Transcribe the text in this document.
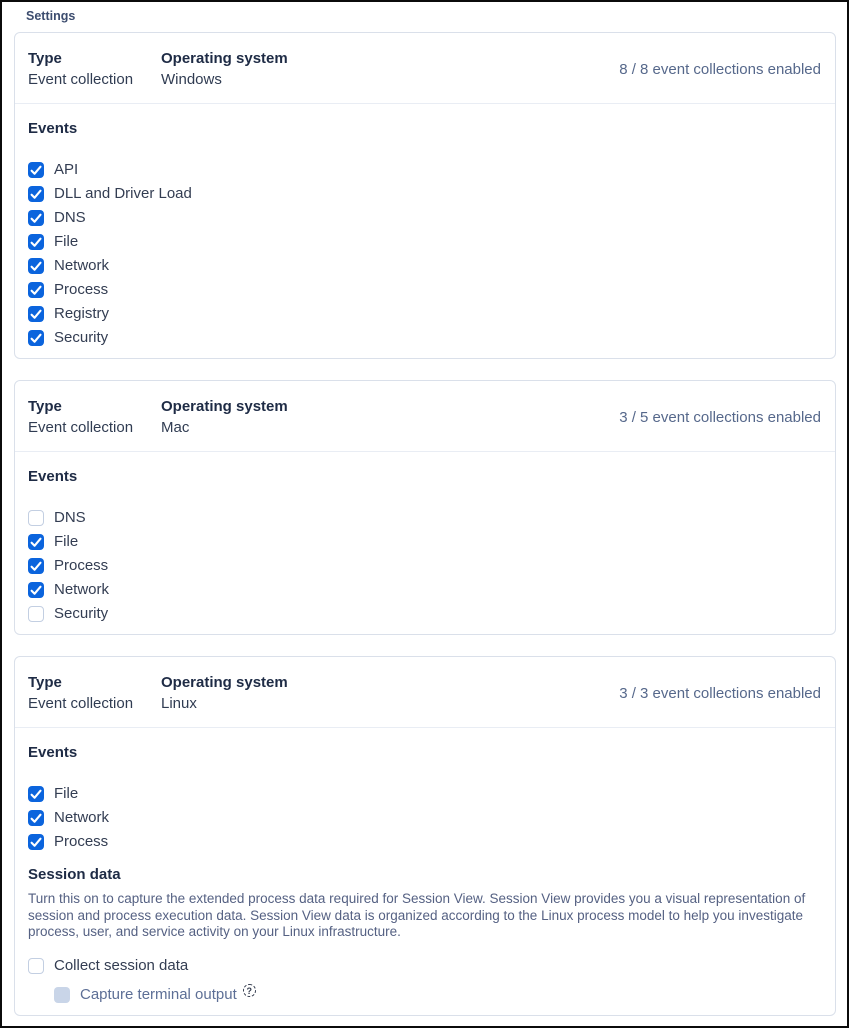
Settings
Type
Event collection
Operating system
Windows
8 / 8 event collections enabled
Events
API
DLL and Driver Load
DNS
File
Network
Process
Registry
Security
Type
Event collection
Operating system
Mac
3 / 5 event collections enabled
Events
DNS
File
Process
Network
Security
Type
Event collection
Operating system
Linux
3 / 3 event collections enabled
Events
File
Network
Process
Session data

Turn this on to capture the extended process data required for Session View. Session View provides you a visual representation of session and process execution data. Session View data is organized according to the Linux process model to help you investigate process, user, and service activity on your Linux infrastructure.

Collect session data
Capture terminal output	?
